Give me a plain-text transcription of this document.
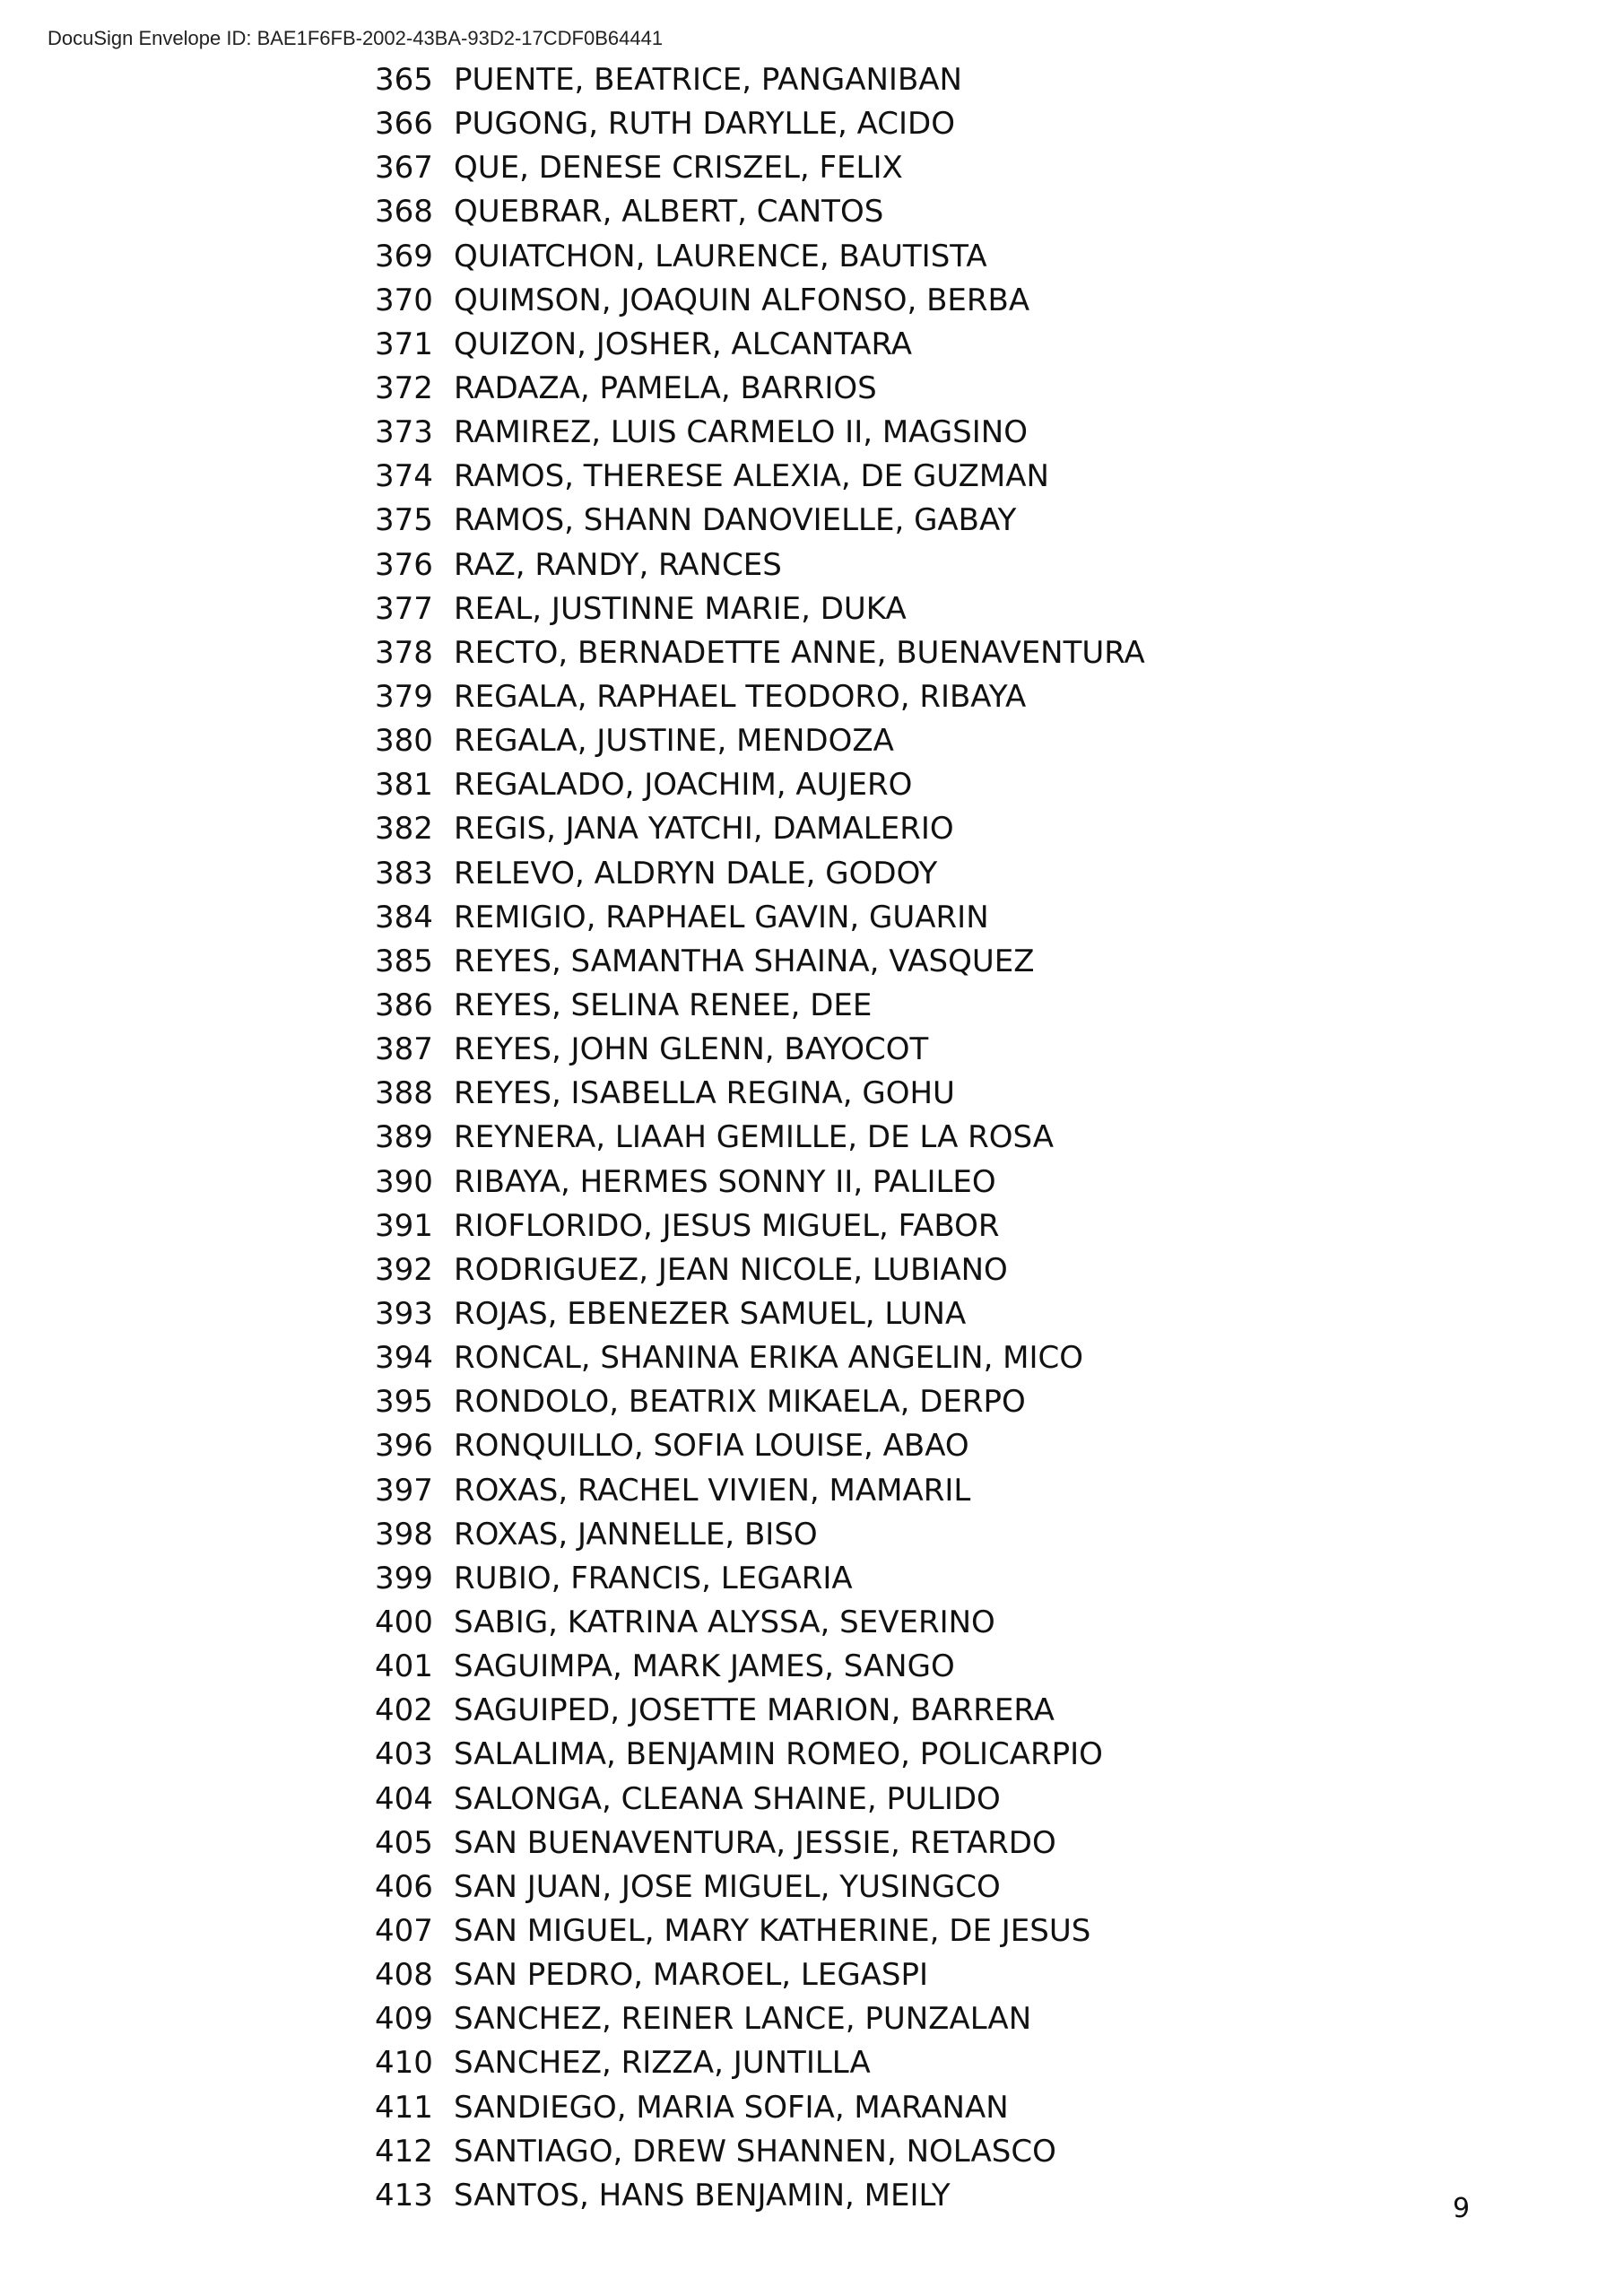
DocuSign Envelope ID: BAE1F6FB-2002-43BA-93D2-17CDF0B64441
365 PUENTE, BEATRICE, PANGANIBAN
366 PUGONG, RUTH DARYLLE, ACIDO
367 QUE, DENESE CRISZEL, FELIX
368 QUEBRAR, ALBERT, CANTOS
369 QUIATCHON, LAURENCE, BAUTISTA
370 QUIMSON, JOAQUIN ALFONSO, BERBA
371 QUIZON, JOSHER, ALCANTARA
372 RADAZA, PAMELA, BARRIOS
373 RAMIREZ, LUIS CARMELO II, MAGSINO
374 RAMOS, THERESE ALEXIA, DE GUZMAN
375 RAMOS, SHANN DANOVIELLE, GABAY
376 RAZ, RANDY, RANCES
377 REAL, JUSTINNE MARIE, DUKA
378 RECTO, BERNADETTE ANNE, BUENAVENTURA
379 REGALA, RAPHAEL TEODORO, RIBAYA
380 REGALA, JUSTINE, MENDOZA
381 REGALADO, JOACHIM, AUJERO
382 REGIS, JANA YATCHI, DAMALERIO
383 RELEVO, ALDRYN DALE, GODOY
384 REMIGIO, RAPHAEL GAVIN, GUARIN
385 REYES, SAMANTHA SHAINA, VASQUEZ
386 REYES, SELINA RENEE, DEE
387 REYES, JOHN GLENN, BAYOCOT
388 REYES, ISABELLA REGINA, GOHU
389 REYNERA, LIAAH GEMILLE, DE LA ROSA
390 RIBAYA, HERMES SONNY II, PALILEO
391 RIOFLORIDO, JESUS MIGUEL, FABOR
392 RODRIGUEZ, JEAN NICOLE, LUBIANO
393 ROJAS, EBENEZER SAMUEL, LUNA
394 RONCAL, SHANINA ERIKA ANGELIN, MICO
395 RONDOLO, BEATRIX MIKAELA, DERPO
396 RONQUILLO, SOFIA LOUISE, ABAO
397 ROXAS, RACHEL VIVIEN, MAMARIL
398 ROXAS, JANNELLE, BISO
399 RUBIO, FRANCIS, LEGARIA
400 SABIG, KATRINA ALYSSA, SEVERINO
401 SAGUIMPA, MARK JAMES, SANGO
402 SAGUIPED, JOSETTE MARION, BARRERA
403 SALALIMA, BENJAMIN ROMEO, POLICARPIO
404 SALONGA, CLEANA SHAINE, PULIDO
405 SAN BUENAVENTURA, JESSIE, RETARDO
406 SAN JUAN, JOSE MIGUEL, YUSINGCO
407 SAN MIGUEL, MARY KATHERINE, DE JESUS
408 SAN PEDRO, MAROEL, LEGASPI
409 SANCHEZ, REINER LANCE, PUNZALAN
410 SANCHEZ, RIZZA, JUNTILLA
411 SANDIEGO, MARIA SOFIA, MARANAN
412 SANTIAGO, DREW SHANNEN, NOLASCO
413 SANTOS, HANS BENJAMIN, MEILY	9
